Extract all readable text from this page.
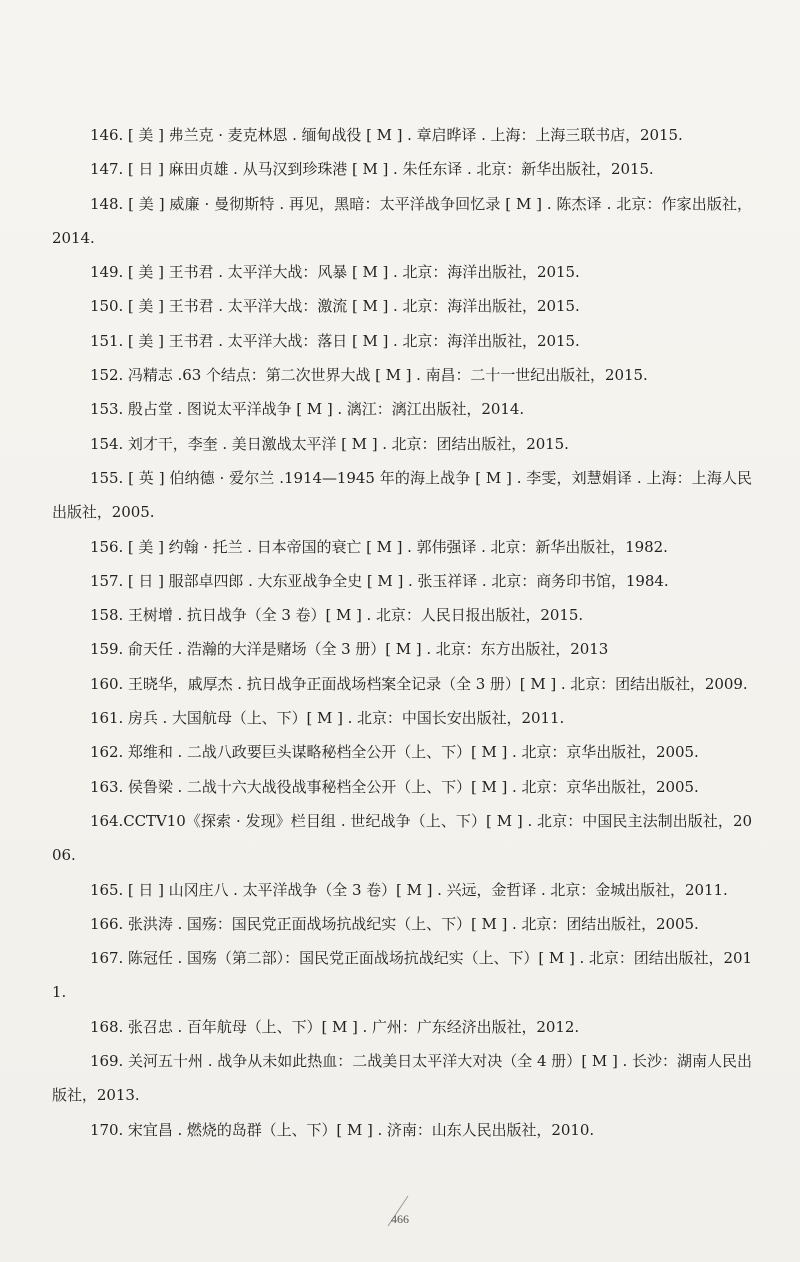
146. [ 美 ] 弗兰克 · 麦克林恩 . 缅甸战役 [ M ] . 章启晔译 . 上海：上海三联书店，2015.

147. [ 日 ] 麻田贞雄 . 从马汉到珍珠港 [ M ] . 朱任东译 . 北京：新华出版社，2015.

148. [ 美 ] 威廉 · 曼彻斯特 . 再见，黑暗：太平洋战争回忆录 [ M ] . 陈杰译 . 北京：作家出版社，2014.

149. [ 美 ] 王书君 . 太平洋大战：风暴 [ M ] . 北京：海洋出版社，2015.

150. [ 美 ] 王书君 . 太平洋大战：激流 [ M ] . 北京：海洋出版社，2015.

151. [ 美 ] 王书君 . 太平洋大战：落日 [ M ] . 北京：海洋出版社，2015.

152. 冯精志 .63 个结点：第二次世界大战 [ M ] . 南昌：二十一世纪出版社，2015.

153. 殷占堂 . 图说太平洋战争 [ M ] . 漓江：漓江出版社，2014.

154. 刘才干，李奎 . 美日激战太平洋 [ M ] . 北京：团结出版社，2015.

155. [ 英 ] 伯纳德 · 爱尔兰 .1914—1945 年的海上战争 [ M ] . 李雯，刘慧娟译 . 上海：上海人民出版社，2005.

156. [ 美 ] 约翰 · 托兰 . 日本帝国的衰亡 [ M ] . 郭伟强译 . 北京：新华出版社，1982.

157. [ 日 ] 服部卓四郎 . 大东亚战争全史 [ M ] . 张玉祥译 . 北京：商务印书馆，1984.

158. 王树增 . 抗日战争（全 3 卷）[ M ] . 北京：人民日报出版社，2015.

159. 俞天任 . 浩瀚的大洋是赌场（全 3 册）[ M ] . 北京：东方出版社，2013

160. 王晓华，戚厚杰 . 抗日战争正面战场档案全记录（全 3 册）[ M ] . 北京：团结出版社，2009.

161. 房兵 . 大国航母（上、下）[ M ] . 北京：中国长安出版社，2011.

162. 郑维和 . 二战八政要巨头谋略秘档全公开（上、下）[ M ] . 北京：京华出版社，2005.

163. 侯鲁梁 . 二战十六大战役战事秘档全公开（上、下）[ M ] . 北京：京华出版社，2005.

164.CCTV10《探索 · 发现》栏目组 . 世纪战争（上、下）[ M ] . 北京：中国民主法制出版社，2006.

165. [ 日 ] 山冈庄八 . 太平洋战争（全 3 卷）[ M ] . 兴远，金哲译 . 北京：金城出版社，2011.

166. 张洪涛 . 国殇：国民党正面战场抗战纪实（上、下）[ M ] . 北京：团结出版社，2005.

167. 陈冠任 . 国殇（第二部）：国民党正面战场抗战纪实（上、下）[ M ] . 北京：团结出版社，2011.

168. 张召忠 . 百年航母（上、下）[ M ] . 广州：广东经济出版社，2012.

169. 关河五十州 . 战争从未如此热血：二战美日太平洋大对决（全 4 册）[ M ] . 长沙：湖南人民出版社，2013.

170. 宋宜昌 . 燃烧的岛群（上、下）[ M ] . 济南：山东人民出版社，2010.

466
